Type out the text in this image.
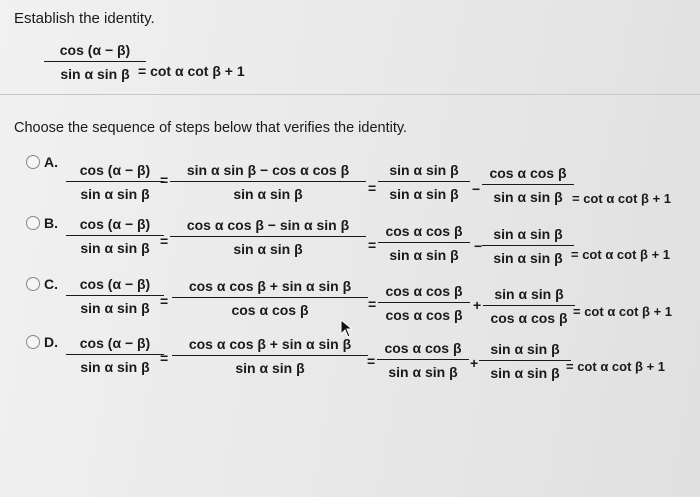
Establish the identity.
$\frac{\cos (\alpha - \beta)}{\text{sin α sin β}}$
= cot α cot β + 1
Choose the sequence of steps below that verifies the identity.
A. $\frac{\cos (\alpha - \beta)}{\text{sin α sin β}}$
= $\frac{\text{sin α sin β − cos α cos β}}{\text{sin α sin β}} = \frac{\text{sin α sin β}}{\text{sin α sin β}} - \frac{\text{cos α cos β}}{\text{sin α sin β}}$
= cot α cot β + 1
B. $\frac{\cos (\alpha - \beta)}{\text{sin α sin β}}$
= $\frac{\text{cos α cos β − sin α sin β}}{\text{sin α sin β}} = \frac{\text{cos α cos β}}{\text{sin α sin β}} - \frac{\text{sin α sin β}}{\text{sin α sin β}}$
= cot α cot β + 1
C. $\frac{\cos (\alpha - \beta)}{\text{sin α sin β}}$
= $\frac{\text{cos α cos β + sin α sin β}}{\text{cos α cos β}} = \frac{\text{cos α cos β}}{\text{cos α cos β}} + \frac{\text{sin α sin β}}{\text{cos α cos β}}$
= cot α cot β + 1
D. $\frac{\cos (\alpha - \beta)}{\text{sin α sin β}}$
= $\frac{\text{cos α cos β + sin α sin β}}{\text{sin α sin β}} = \frac{\text{cos α cos β}}{\text{sin α sin β}} + \frac{\text{sin α sin β}}{\text{sin α sin β}}$
= cot α cot β + 1
